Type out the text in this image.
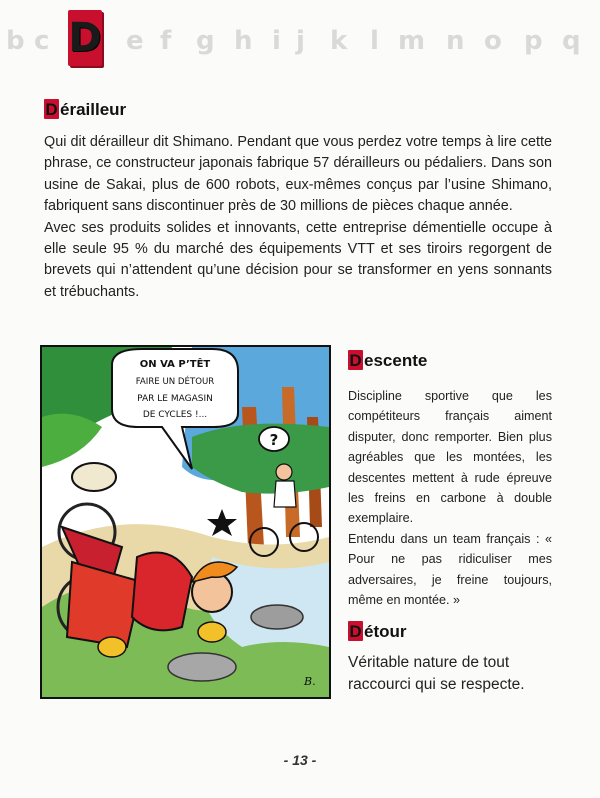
b c	e f g h i j k l m n o p q
D
D érailleur

Qui dit dérailleur dit Shimano. Pendant que vous perdez votre temps à lire cette phrase, ce constructeur japonais fabrique 57 dérailleurs ou pédaliers. Dans son usine de Sakai, plus de 600 robots, eux-mêmes conçus par l’usine Shimano, fabriquent sans discontinuer près de 30 millions de pièces chaque année.

Avec ses produits solides et innovants, cette entreprise démentielle occupe à elle seule 95 % du marché des équipements VTT et ses tiroirs regorgent de brevets qui n’attendent qu’une décision pour se transformer en yens sonnants et trébuchants.

ON VA P’TÊT
FAIRE UN DÉTOUR
PAR LE MAGASIN
DE CYCLES !...
?
B.
D escente

Discipline sportive que les compétiteurs français aiment disputer, donc remporter. Bien plus agréables que les montées, les descentes mettent à rude épreuve les freins en carbone à double exemplaire.

Entendu dans un team français : « Pour ne pas ridiculiser mes adversaires, je freine toujours, même en montée. »

D étour

Véritable nature de tout raccourci qui se respecte.

- 13 -
